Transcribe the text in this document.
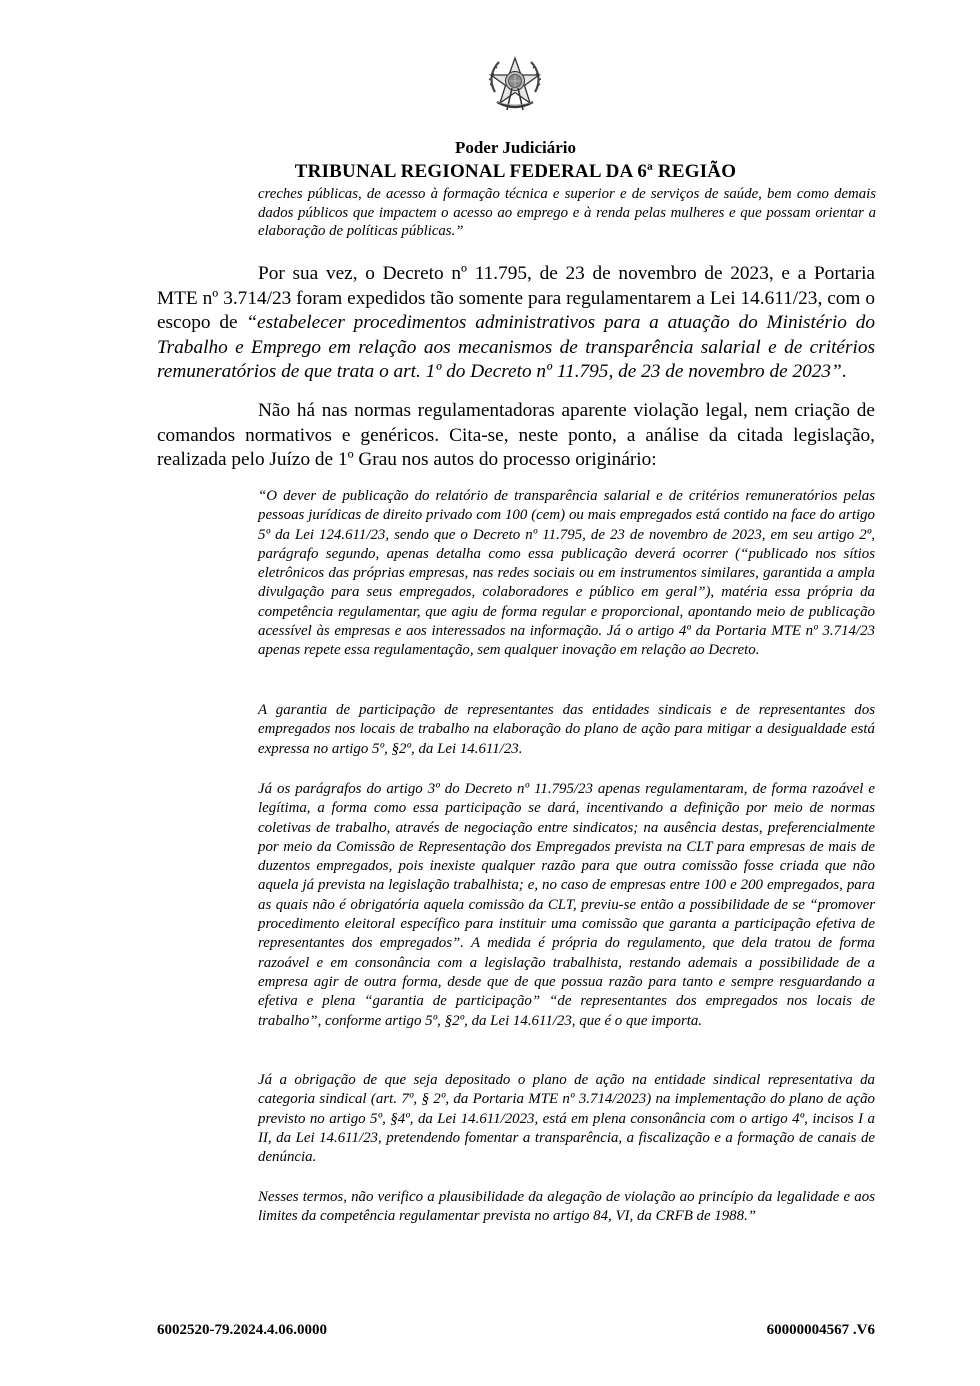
Poder Judiciário
TRIBUNAL REGIONAL FEDERAL DA 6ª REGIÃO
creches públicas, de acesso à formação técnica e superior e de serviços de saúde, bem como demais dados públicos que impactem o acesso ao emprego e à renda pelas mulheres e que possam orientar a elaboração de políticas públicas.”
Por sua vez, o Decreto nº 11.795, de 23 de novembro de 2023, e a Portaria MTE nº 3.714/23 foram expedidos tão somente para regulamentarem a Lei 14.611/23, com o escopo de “estabelecer procedimentos administrativos para a atuação do Ministério do Trabalho e Emprego em relação aos mecanismos de transparência salarial e de critérios remuneratórios de que trata o art. 1º do Decreto nº 11.795, de 23 de novembro de 2023”.
Não há nas normas regulamentadoras aparente violação legal, nem criação de comandos normativos e genéricos. Cita-se, neste ponto, a análise da citada legislação, realizada pelo Juízo de 1º Grau nos autos do processo originário:
“O dever de publicação do relatório de transparência salarial e de critérios remuneratórios pelas pessoas jurídicas de direito privado com 100 (cem) ou mais empregados está contido na face do artigo 5º da Lei 124.611/23, sendo que o Decreto nº 11.795, de 23 de novembro de 2023, em seu artigo 2º, parágrafo segundo, apenas detalha como essa publicação deverá ocorrer (“publicado nos sítios eletrônicos das próprias empresas, nas redes sociais ou em instrumentos similares, garantida a ampla divulgação para seus empregados, colaboradores e público em geral”), matéria essa própria da competência regulamentar, que agiu de forma regular e proporcional, apontando meio de publicação acessível às empresas e aos interessados na informação. Já o artigo 4º da Portaria MTE nº 3.714/23 apenas repete essa regulamentação, sem qualquer inovação em relação ao Decreto.
A garantia de participação de representantes das entidades sindicais e de representantes dos empregados nos locais de trabalho na elaboração do plano de ação para mitigar a desigualdade está expressa no artigo 5º, §2º, da Lei 14.611/23.
Já os parágrafos do artigo 3º do Decreto nº 11.795/23 apenas regulamentaram, de forma razoável e legítima, a forma como essa participação se dará, incentivando a definição por meio de normas coletivas de trabalho, através de negociação entre sindicatos; na ausência destas, preferencialmente por meio da Comissão de Representação dos Empregados prevista na CLT para empresas de mais de duzentos empregados, pois inexiste qualquer razão para que outra comissão fosse criada que não aquela já prevista na legislação trabalhista; e, no caso de empresas entre 100 e 200 empregados, para as quais não é obrigatória aquela comissão da CLT, previu-se então a possibilidade de se “promover procedimento eleitoral específico para instituir uma comissão que garanta a participação efetiva de representantes dos empregados”. A medida é própria do regulamento, que dela tratou de forma razoável e em consonância com a legislação trabalhista, restando ademais a possibilidade de a empresa agir de outra forma, desde que de que possua razão para tanto e sempre resguardando a efetiva e plena “garantia de participação” “de representantes dos empregados nos locais de trabalho”, conforme artigo 5º, §2º, da Lei 14.611/23, que é o que importa.
Já a obrigação de que seja depositado o plano de ação na entidade sindical representativa da categoria sindical (art. 7º, § 2º, da Portaria MTE nº 3.714/2023) na implementação do plano de ação previsto no artigo 5º, §4º, da Lei 14.611/2023, está em plena consonância com o artigo 4º, incisos I a II, da Lei 14.611/23, pretendendo fomentar a transparência, a fiscalização e a formação de canais de denúncia.
Nesses termos, não verifico a plausibilidade da alegação de violação ao princípio da legalidade e aos limites da competência regulamentar prevista no artigo 84, VI, da CRFB de 1988.”
6002520-79.2024.4.06.0000	60000004567 .V6
